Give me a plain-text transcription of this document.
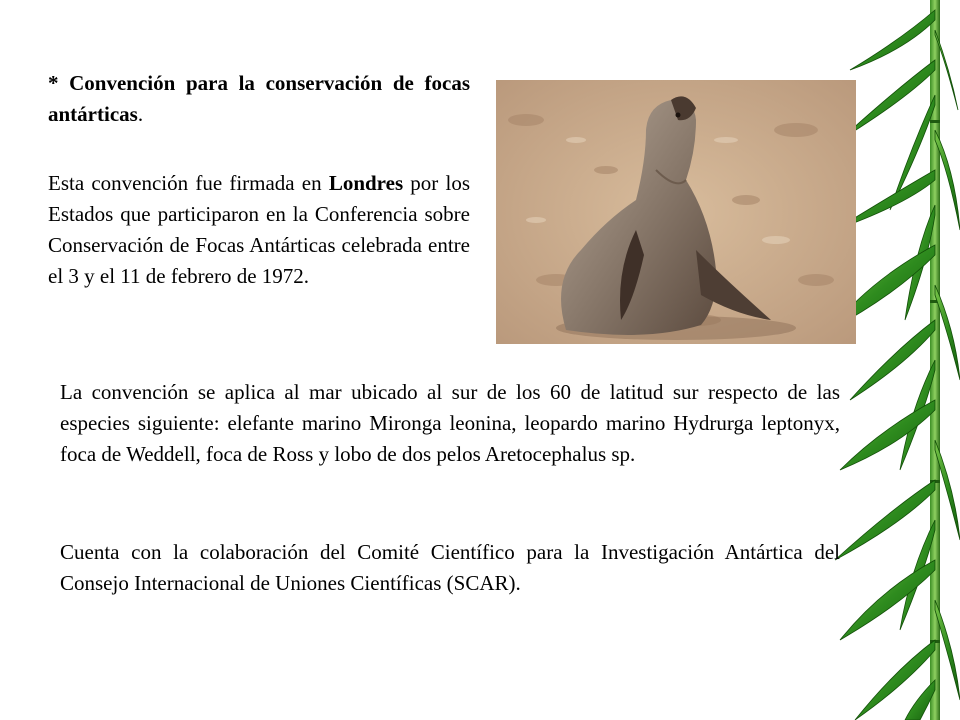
* Convención para la conservación de focas antárticas.
Esta convención fue firmada en Londres por los Estados que participaron en la Conferencia sobre Conservación de Focas Antárticas celebrada entre el 3 y el 11 de febrero de 1972.
La convención se aplica al mar ubicado al sur de los 60 de latitud sur respecto de las especies siguiente: elefante marino Mironga leonina, leopardo marino Hydrurga leptonyx, foca de Weddell, foca de Ross y lobo de dos pelos Aretocephalus sp.
Cuenta con la colaboración del Comité Científico para la Investigación Antártica del Consejo Internacional de Uniones Científicas (SCAR).
